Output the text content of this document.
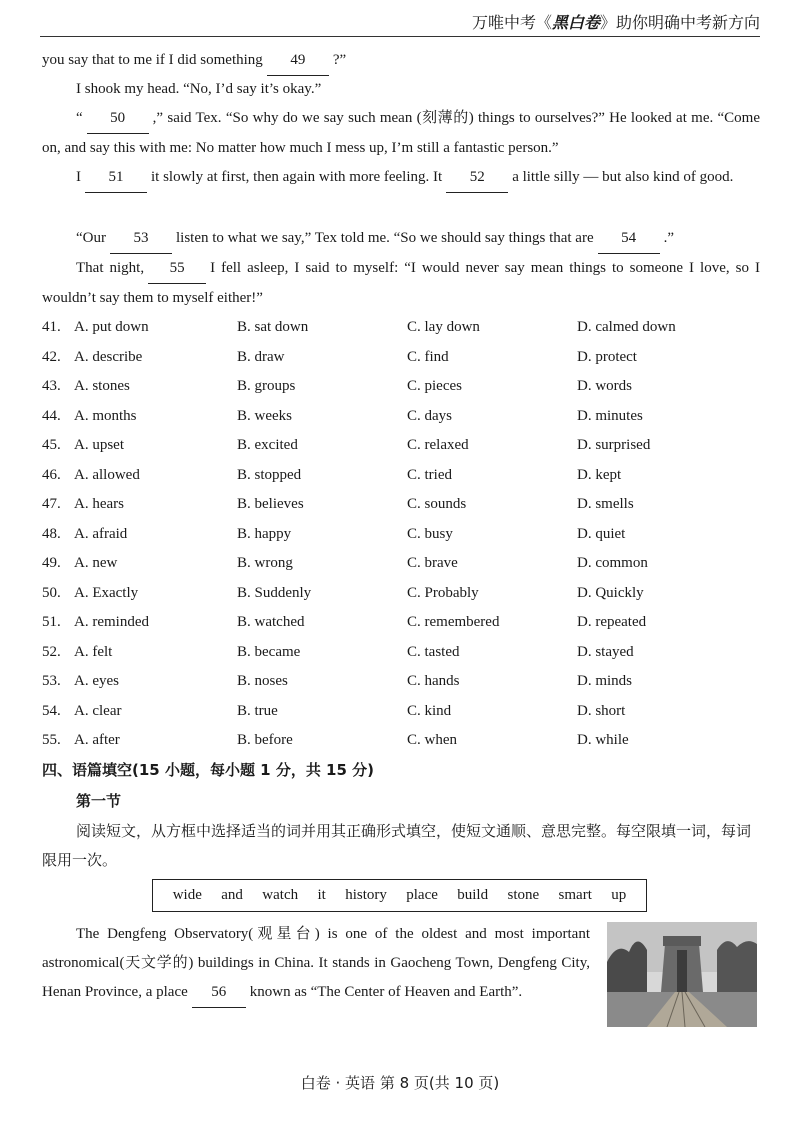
万唯中考《黑白卷》助你明确中考新方向
you say that to me if I did something 49 ?”
I shook my head. “No, I’d say it’s okay.”
“ 50 ,” said Tex. “So why do we say such mean (刻薄的) things to ourselves?” He looked at me. “Come on, and say this with me: No matter how much I mess up, I’m still a fantastic person.”
I 51 it slowly at first, then again with more feeling. It 52 a little silly — but also kind of good.
“Our 53 listen to what we say,” Tex told me. “So we should say things that are 54 .”
That night, 55 I fell asleep, I said to myself: “I would never say mean things to someone I love, so I wouldn’t say them to myself either!”
41. A. put down	B. sat down	C. lay down	D. calmed down
42. A. describe	B. draw	C. find	D. protect
43. A. stones	B. groups	C. pieces	D. words
44. A. months	B. weeks	C. days	D. minutes
45. A. upset	B. excited	C. relaxed	D. surprised
46. A. allowed	B. stopped	C. tried	D. kept
47. A. hears	B. believes	C. sounds	D. smells
48. A. afraid	B. happy	C. busy	D. quiet
49. A. new	B. wrong	C. brave	D. common
50. A. Exactly	B. Suddenly	C. Probably	D. Quickly
51. A. reminded	B. watched	C. remembered	D. repeated
52. A. felt	B. became	C. tasted	D. stayed
53. A. eyes	B. noses	C. hands	D. minds
54. A. clear	B. true	C. kind	D. short
55. A. after	B. before	C. when	D. while
四、语篇填空(15 小题，每小题 1 分，共 15 分)
第一节
阅读短文，从方框中选择适当的词并用其正确形式填空，使短文通顺、意思完整。每空限填一词，每词限用一次。
wide and watch it history place build stone smart up
The Dengfeng Observatory(观星台) is one of the oldest and most important astronomical(天文学的) buildings in China. It stands in Gaocheng Town, Dengfeng City, Henan Province, a place 56 known as “The Center of Heaven and Earth”.
白卷 · 英语 第 8 页(共 10 页)
